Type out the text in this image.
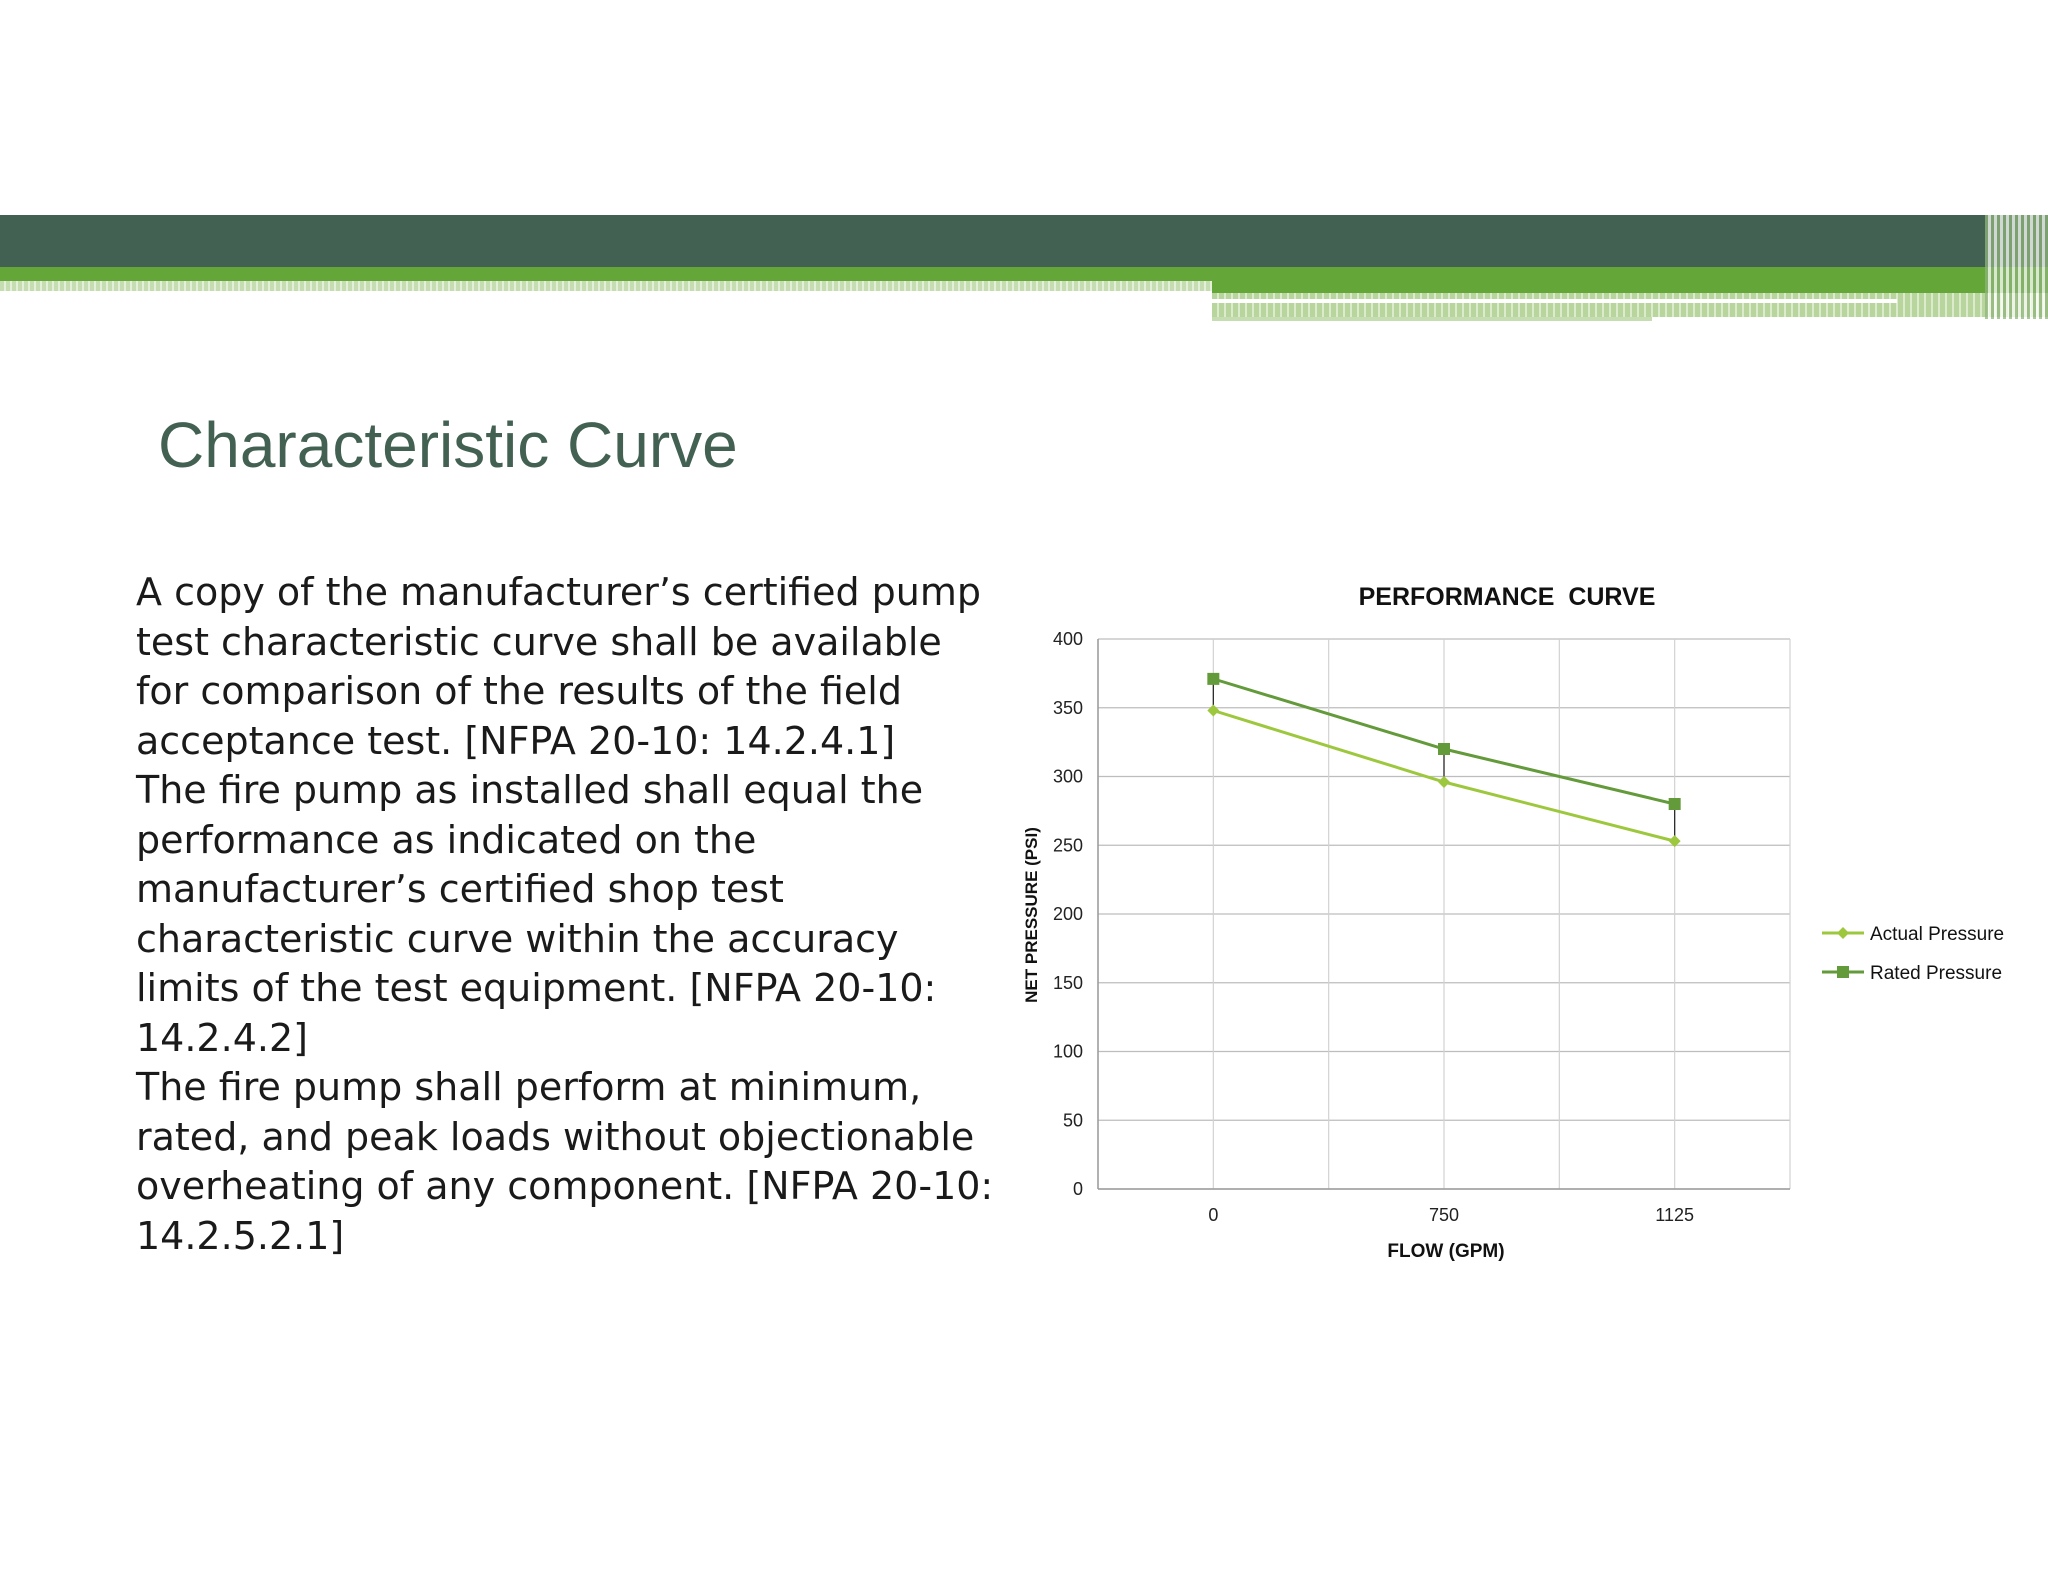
Characteristic Curve

A copy of the manufacturer’s certified pump test characteristic curve shall be available for comparison of the results of the field acceptance test. [NFPA 20-10: 14.2.4.1]

The fire pump as installed shall equal the performance as indicated on the manufacturer’s certified shop test characteristic curve within the accuracy limits of the test equipment. [NFPA 20-10: 14.2.4.2]

The fire pump shall perform at minimum, rated, and peak loads without objectionable overheating of any component. [NFPA 20-10: 14.2.5.2.1]

PERFORMANCE  CURVE
0
50
100
150
200
250
300
350
400
0	750	1125
FLOW (GPM)
NET PRESSURE (PSI)	Actual Pressure
Rated Pressure
